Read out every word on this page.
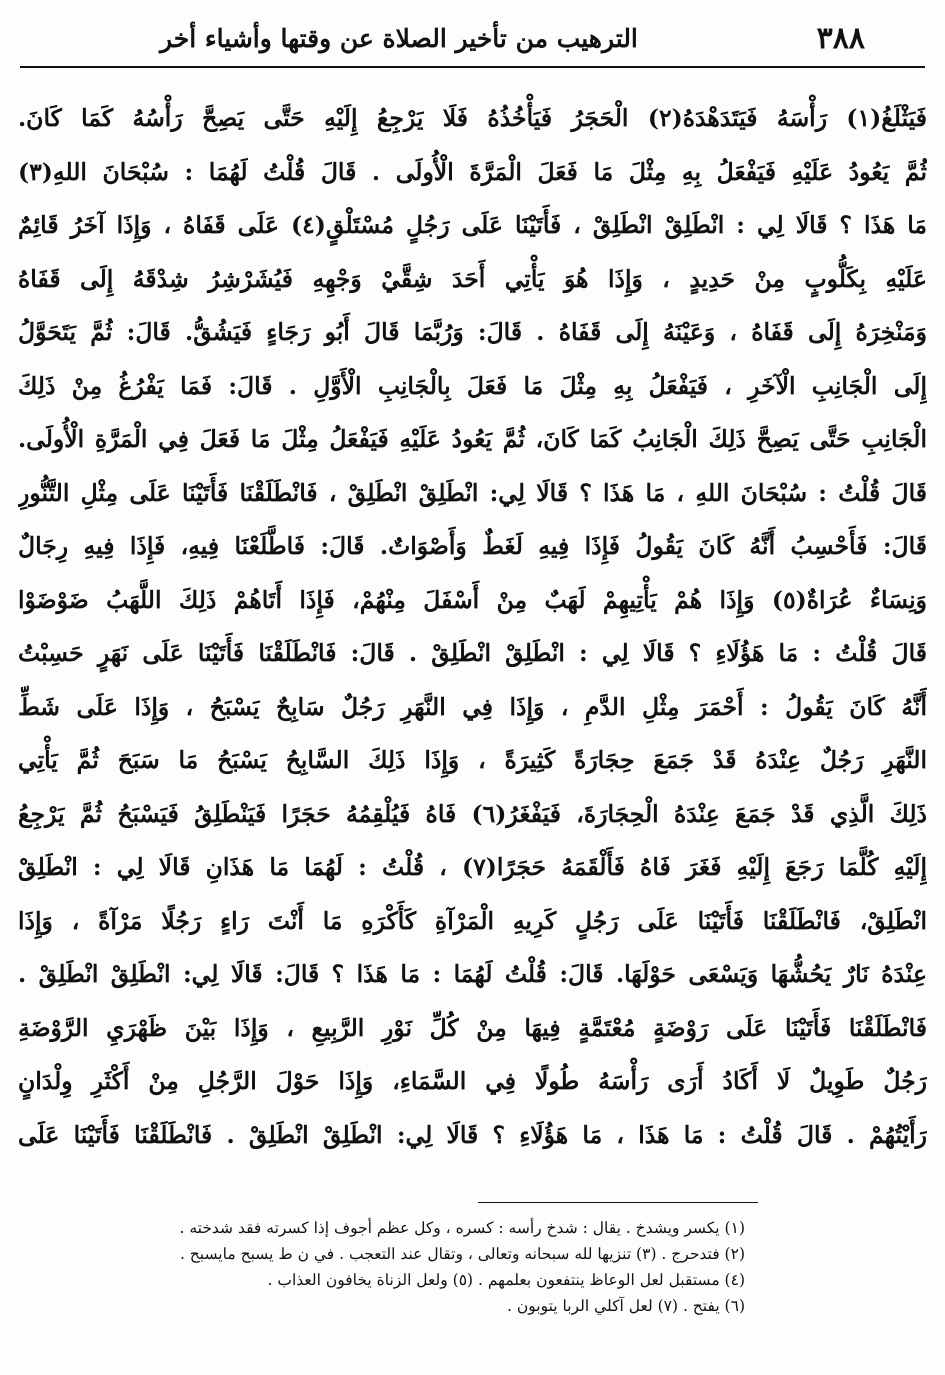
٣٨٨
الترهيب من تأخير الصلاة عن وقتها وأشياء أخر
فَيَثْلَغُ(١) رَأْسَهُ فَيَتَدَهْدَهُ(٢) الْحَجَرُ فَيَأْخُذُهُ فَلَا يَرْجِعُ إِلَيْهِ حَتَّى يَصِحَّ رَأْسُهُ كَمَا كَانَ.
ثُمَّ يَعُودُ عَلَيْهِ فَيَفْعَلُ بِهِ مِثْلَ مَا فَعَلَ الْمَرَّةَ الْأُولَى . قَالَ قُلْتُ لَهُمَا : سُبْحَانَ اللهِ(٣)
مَا هَذَا ؟ قَالَا لِي : انْطَلِقْ انْطَلِقْ ، فَأَتَيْنَا عَلَى رَجُلٍ مُسْتَلْقٍ(٤) عَلَى قَفَاهُ ، وَإِذَا آخَرُ قَائِمٌ
عَلَيْهِ بِكَلُّوبٍ مِنْ حَدِيدٍ ، وَإِذَا هُوَ يَأْتِي أَحَدَ شِقَّيْ وَجْهِهِ فَيُشَرْشِرُ شِدْقَهُ إِلَى قَفَاهُ
وَمَنْخِرَهُ إِلَى قَفَاهُ ، وَعَيْنَهُ إِلَى قَفَاهُ . قَالَ: وَرُبَّمَا قَالَ أَبُو رَجَاءٍ فَيَشُقُّ. قَالَ: ثُمَّ يَتَحَوَّلُ
إِلَى الْجَانِبِ الْآخَرِ ، فَيَفْعَلُ بِهِ مِثْلَ مَا فَعَلَ بِالْجَانِبِ الْأَوَّلِ . قَالَ: فَمَا يَفْرُغُ مِنْ ذَلِكَ
الْجَانِبِ حَتَّى يَصِحَّ ذَلِكَ الْجَانِبُ كَمَا كَانَ، ثُمَّ يَعُودُ عَلَيْهِ فَيَفْعَلُ مِثْلَ مَا فَعَلَ فِي الْمَرَّةِ الْأُولَى.
قَالَ قُلْتُ : سُبْحَانَ اللهِ ، مَا هَذَا ؟ قَالَا لِي: انْطَلِقْ انْطَلِقْ ، فَانْطَلَقْنَا فَأَتَيْنَا عَلَى مِثْلِ التَّنُّورِ
قَالَ: فَأَحْسِبُ أَنَّهُ كَانَ يَقُولُ فَإِذَا فِيهِ لَغَطٌ وَأَصْوَاتٌ. قَالَ: فَاطَّلَعْنَا فِيهِ، فَإِذَا فِيهِ رِجَالٌ
وَنِسَاءٌ عُرَاةٌ(٥) وَإِذَا هُمْ يَأْتِيهِمْ لَهَبٌ مِنْ أَسْفَلَ مِنْهُمْ، فَإِذَا أَتَاهُمْ ذَلِكَ اللَّهَبُ ضَوْضَوْا
قَالَ قُلْتُ : مَا هَؤُلَاءِ ؟ قَالَا لِي : انْطَلِقْ انْطَلِقْ . قَالَ: فَانْطَلَقْنَا فَأَتَيْنَا عَلَى نَهَرٍ حَسِبْتُ
أَنَّهُ كَانَ يَقُولُ : أَحْمَرَ مِثْلِ الدَّمِ ، وَإِذَا فِي النَّهَرِ رَجُلٌ سَابِحٌ يَسْبَحُ ، وَإِذَا عَلَى شَطِّ
النَّهَرِ رَجُلٌ عِنْدَهُ قَدْ جَمَعَ حِجَارَةً كَثِيرَةً ، وَإِذَا ذَلِكَ السَّابِحُ يَسْبَحُ مَا سَبَحَ ثُمَّ يَأْتِي
ذَلِكَ الَّذِي قَدْ جَمَعَ عِنْدَهُ الْحِجَارَةَ، فَيَفْغَرُ(٦) فَاهُ فَيُلْقِمُهُ حَجَرًا فَيَنْطَلِقُ فَيَسْبَحُ ثُمَّ يَرْجِعُ
إِلَيْهِ كُلَّمَا رَجَعَ إِلَيْهِ فَغَرَ فَاهُ فَأَلْقَمَهُ حَجَرًا(٧) ، قُلْتُ : لَهُمَا مَا هَذَانِ قَالَا لِي : انْطَلِقْ
انْطَلِقْ، فَانْطَلَقْنَا فَأَتَيْنَا عَلَى رَجُلٍ كَرِيهِ الْمَرْآةِ كَأَكْرَهِ مَا أَنْتَ رَاءٍ رَجُلًا مَرْآةً ، وَإِذَا
عِنْدَهُ نَارٌ يَحُشُّهَا وَيَسْعَى حَوْلَهَا. قَالَ: قُلْتُ لَهُمَا : مَا هَذَا ؟ قَالَ: قَالَا لِي: انْطَلِقْ انْطَلِقْ .
فَانْطَلَقْنَا فَأَتَيْنَا عَلَى رَوْضَةٍ مُعْتَمَّةٍ فِيهَا مِنْ كُلِّ نَوْرِ الرَّبِيعِ ، وَإِذَا بَيْنَ ظَهْرَيِ الرَّوْضَةِ
رَجُلٌ طَوِيلٌ لَا أَكَادُ أَرَى رَأْسَهُ طُولًا فِي السَّمَاءِ، وَإِذَا حَوْلَ الرَّجُلِ مِنْ أَكْثَرِ وِلْدَانٍ
رَأَيْتُهُمْ . قَالَ قُلْتُ : مَا هَذَا ، مَا هَؤُلَاءِ ؟ قَالَا لِي: انْطَلِقْ انْطَلِقْ . فَانْطَلَقْنَا فَأَتَيْنَا عَلَى
(١) يكسر ويشدخ . يقال : شدخ رأسه : كسره ، وكل عظم أجوف إذا كسرته فقد شدخته .
(٢) فتدحرج . (٣) تنزيها لله سبحانه وتعالى ، وتقال عند التعجب . في ن ط يسبح مايسبح .
(٤) مستقبل لعل الوعاظ ينتفعون بعلمهم . (٥) ولعل الزناة يخافون العذاب .
(٦) يفتح . (٧) لعل آكلي الربا يتوبون .
